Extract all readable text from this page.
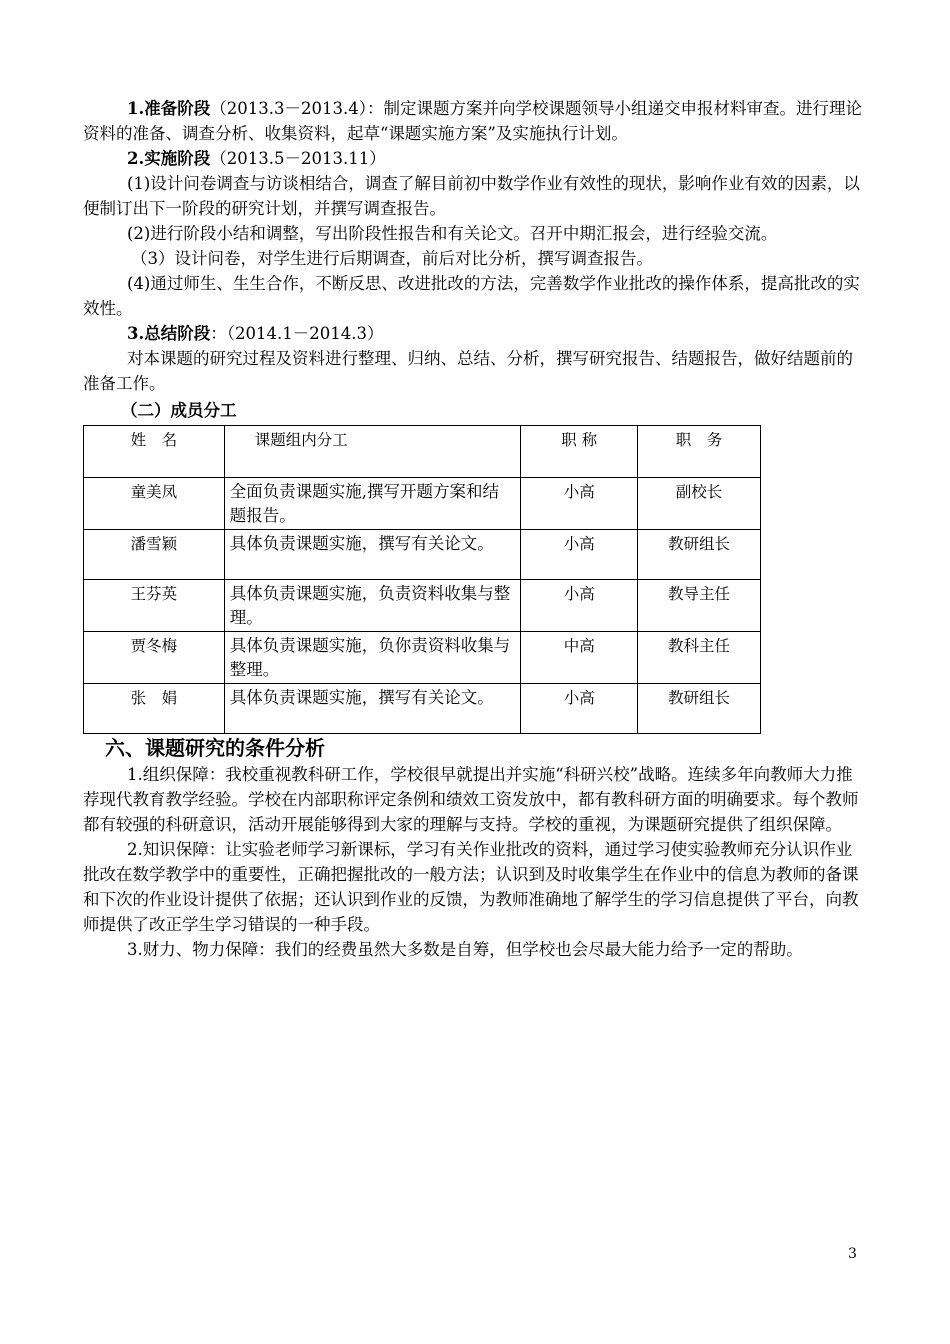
1.准备阶段（2013.3－2013.4）：制定课题方案并向学校课题领导小组递交申报材料审查。进行理论资料的准备、调查分析、收集资料，起草“课题实施方案”及实施执行计划。

2.实施阶段（2013.5－2013.11）

(1)设计问卷调查与访谈相结合，调查了解目前初中数学作业有效性的现状，影响作业有效的因素，以便制订出下一阶段的研究计划，并撰写调查报告。

(2)进行阶段小结和调整，写出阶段性报告和有关论文。召开中期汇报会，进行经验交流。

（3）设计问卷，对学生进行后期调查，前后对比分析，撰写调查报告。

(4)通过师生、生生合作，不断反思、改进批改的方法，完善数学作业批改的操作体系，提高批改的实效性。

3.总结阶段：（2014.1－2014.3）

对本课题的研究过程及资料进行整理、归纳、总结、分析，撰写研究报告、结题报告，做好结题前的准备工作。

（二）成员分工

姓　名	课题组内分工	职 称	职　务
童美凤	全面负责课题实施,撰写开题方案和结题报告。	小高	副校长
潘雪颖	具体负责课题实施，撰写有关论文。	小高	教研组长
王芬英	具体负责课题实施，负责资料收集与整理。	小高	教导主任
贾冬梅	具体负责课题实施，负你责资料收集与整理。	中高	教科主任
张　娟	具体负责课题实施，撰写有关论文。	小高	教研组长

六、课题研究的条件分析

1.组织保障：我校重视教科研工作，学校很早就提出并实施“科研兴校”战略。连续多年向教师大力推荐现代教育教学经验。学校在内部职称评定条例和绩效工资发放中，都有教科研方面的明确要求。每个教师都有较强的科研意识，活动开展能够得到大家的理解与支持。学校的重视，为课题研究提供了组织保障。

2.知识保障：让实验老师学习新课标，学习有关作业批改的资料，通过学习使实验教师充分认识作业批改在数学教学中的重要性，正确把握批改的一般方法；认识到及时收集学生在作业中的信息为教师的备课和下次的作业设计提供了依据；还认识到作业的反馈，为教师准确地了解学生的学习信息提供了平台，向教师提供了改正学生学习错误的一种手段。

3.财力、物力保障：我们的经费虽然大多数是自筹，但学校也会尽最大能力给予一定的帮助。

3
